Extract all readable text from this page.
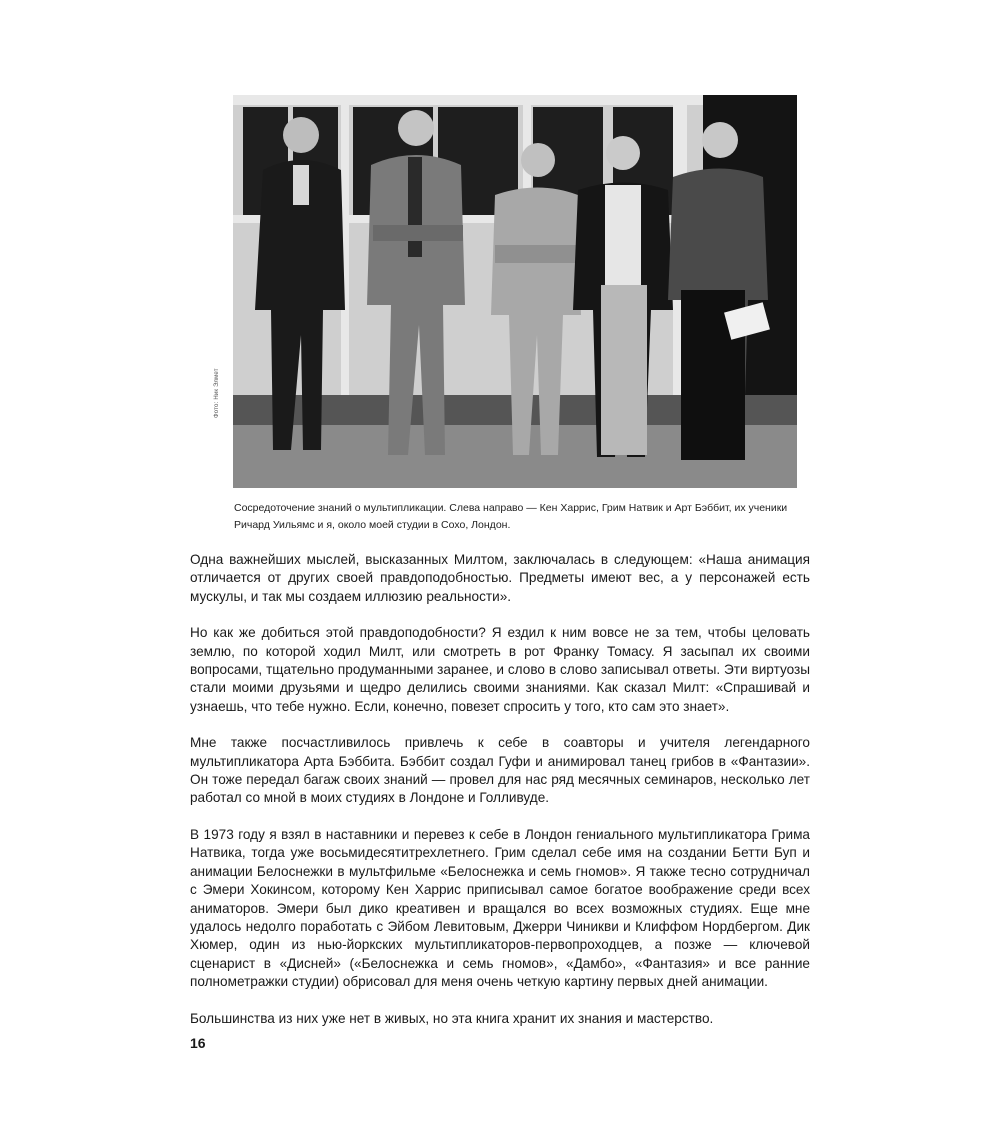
Фото: Ник Элмет
Сосредоточение знаний о мультипликации. Слева направо — Кен Харрис, Грим Натвик и Арт Бэббит, их ученики Ричард Уильямс и я, около моей студии в Сохо, Лондон.

Одна важнейших мыслей, высказанных Милтом, заключалась в следующем: «Наша анимация отличается от других своей правдоподобностью. Предметы имеют вес, а у персонажей есть мускулы, и так мы создаем иллюзию реальности».

Но как же добиться этой правдоподобности? Я ездил к ним вовсе не за тем, чтобы целовать землю, по которой ходил Милт, или смотреть в рот Франку Томасу. Я засыпал их своими вопросами, тщательно продуманными заранее, и слово в слово записывал ответы. Эти виртуозы стали моими друзьями и щедро делились своими знаниями. Как сказал Милт: «Спрашивай и узнаешь, что тебе нужно. Если, конечно, повезет спросить у того, кто сам это знает».

Мне также посчастливилось привлечь к себе в соавторы и учителя легендарного мультипликатора Арта Бэббита. Бэббит создал Гуфи и анимировал танец грибов в «Фантазии». Он тоже передал багаж своих знаний — провел для нас ряд месячных семинаров, несколько лет работал со мной в моих студиях в Лондоне и Голливуде.

В 1973 году я взял в наставники и перевез к себе в Лондон гениального мультипликатора Грима Натвика, тогда уже восьмидесятитрехлетнего. Грим сделал себе имя на создании Бетти Буп и анимации Белоснежки в мультфильме «Белоснежка и семь гномов». Я также тесно сотрудничал с Эмери Хокинсом, которому Кен Харрис приписывал самое богатое воображение среди всех аниматоров. Эмери был дико креативен и вращался во всех возможных студиях. Еще мне удалось недолго поработать с Эйбом Левитовым, Джерри Чиникви и Клиффом Нордбергом. Дик Хюмер, один из нью-йоркских мультипликаторов-первопроходцев, а позже — ключевой сценарист в «Дисней» («Белоснежка и семь гномов», «Дамбо», «Фантазия» и все ранние полнометражки студии) обрисовал для меня очень четкую картину первых дней анимации.

Большинства из них уже нет в живых, но эта книга хранит их знания и мастерство.

16
